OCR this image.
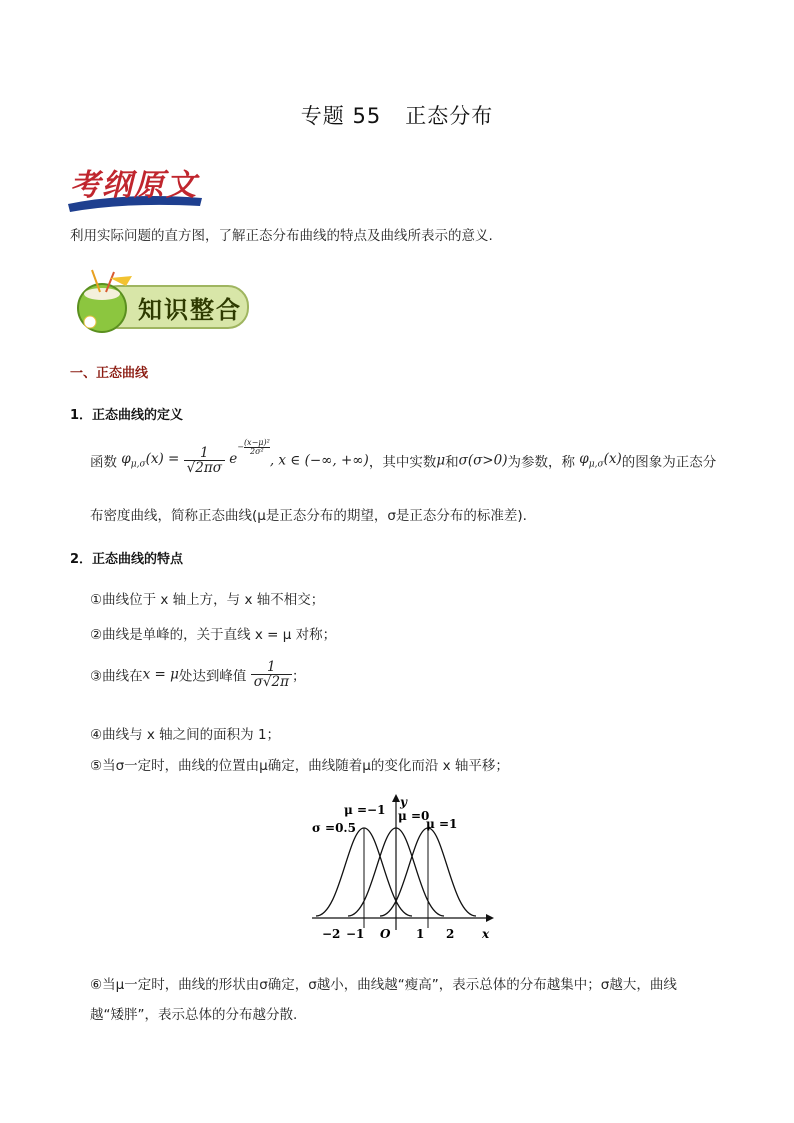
专题 55 正态分布
考纲原文
利用实际问题的直方图，了解正态分布曲线的特点及曲线所表示的意义.
知识整合
一、正态曲线
1．正态曲线的定义
函数 $\varphi_{\mu,\sigma}(x) = \frac{1}{√2\pi\sigma} e- \frac{\text{(x−μ)²}}{\text{2σ²}}$
, x ∈ (−∞, +∞)，其中实数μ和σ(σ>0)为参数，称 $\varphi_{\mu,\sigma}(x)$的图象为正态分
布密度曲线，简称正态曲线(μ是正态分布的期望，σ是正态分布的标准差).
2．正态曲线的特点
①曲线位于 x 轴上方，与 x 轴不相交；
②曲线是单峰的，关于直线 x = μ 对称；
③曲线在x = μ处达到峰值 $\frac{1}{\sigma√2\pi}$ ；
④曲线与 x 轴之间的面积为 1；
⑤当σ一定时，曲线的位置由μ确定，曲线随着μ的变化而沿 x 轴平移；
σ =0.5
μ =−1 μ =0
μ =1
y
x
O
−2 −1	1 2
⑥当μ一定时，曲线的形状由σ确定，σ越小，曲线越“瘦高”，表示总体的分布越集中；σ越大，曲线
越“矮胖”，表示总体的分布越分散.
